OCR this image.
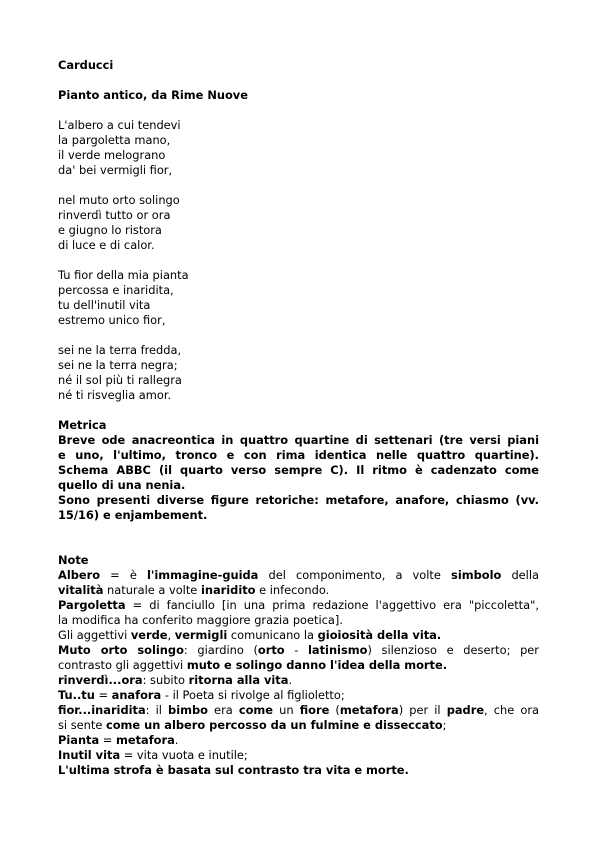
Carducci
Pianto antico, da Rime Nuove
L'albero a cui tendevi
la pargoletta mano,
il verde melograno
da' bei vermigli fior,
nel muto orto solingo
rinverdì tutto or ora
e giugno lo ristora
di luce e di calor.
Tu fior della mia pianta
percossa e inaridita,
tu dell'inutil vita
estremo unico fior,
sei ne la terra fredda,
sei ne la terra negra;
né il sol più ti rallegra
né ti risveglia amor.
Metrica
Breve ode anacreontica in quattro quartine di settenari (tre versi piani
e uno, l'ultimo, tronco e con rima identica nelle quattro quartine).
Schema ABBC (il quarto verso sempre C). Il ritmo è cadenzato come
quello di una nenia.
Sono presenti diverse figure retoriche: metafore, anafore, chiasmo (vv.
15/16) e enjambement.
Note
Albero = è l'immagine-guida del componimento, a volte simbolo della
vitalità naturale a volte inaridito e infecondo.
Pargoletta = di fanciullo [in una prima redazione l'aggettivo era "piccoletta",
la modifica ha conferito maggiore grazia poetica].
Gli aggettivi verde, vermigli comunicano la gioiosità della vita.
Muto orto solingo: giardino (orto - latinismo) silenzioso e deserto; per
contrasto gli aggettivi muto e solingo danno l'idea della morte.
rinverdì...ora: subito ritorna alla vita.
Tu..tu = anafora - il Poeta si rivolge al figlioletto;
fior...inaridita: il bimbo era come un fiore (metafora) per il padre, che ora
si sente come un albero percosso da un fulmine e disseccato;
Pianta = metafora.
Inutil vita = vita vuota e inutile;
L'ultima strofa è basata sul contrasto tra vita e morte.
